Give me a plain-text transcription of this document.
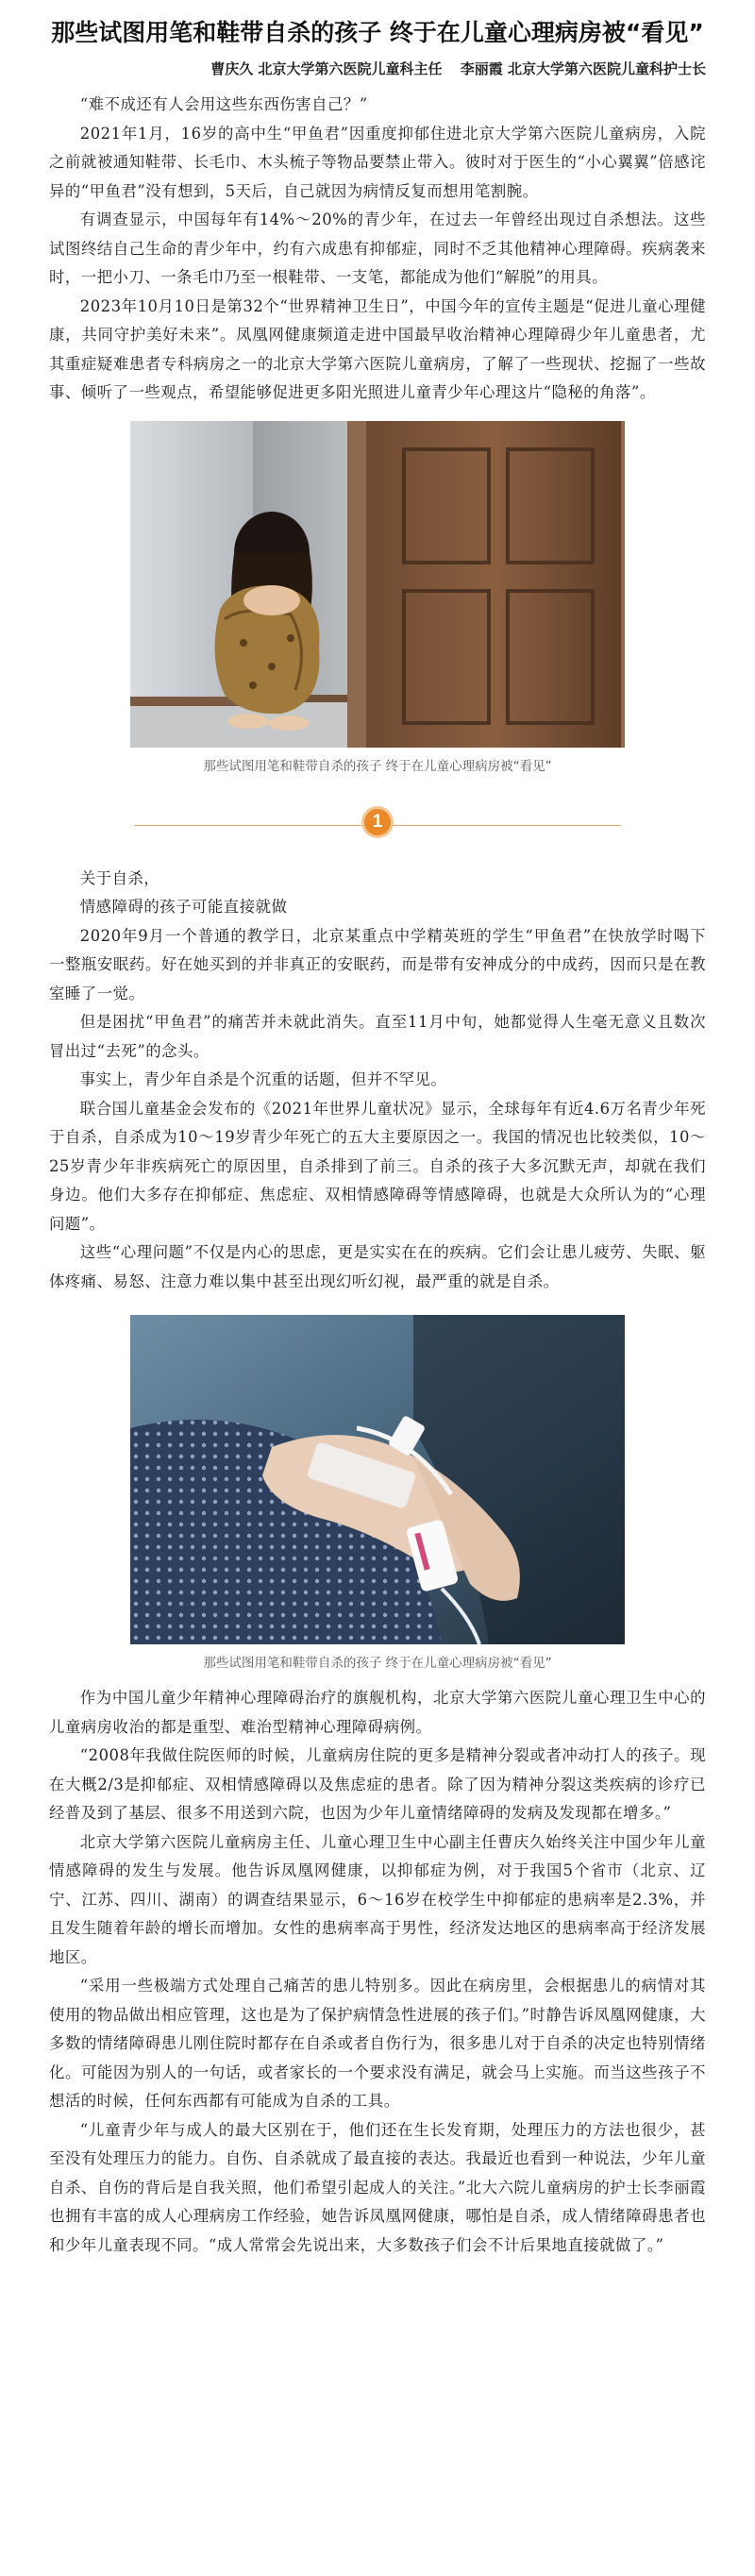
那些试图用笔和鞋带自杀的孩子 终于在儿童心理病房被“看见”
曹庆久 北京大学第六医院儿童科主任 李丽霞 北京大学第六医院儿童科护士长

“难不成还有人会用这些东西伤害自己？”

2021年1月，16岁的高中生“甲鱼君”因重度抑郁住进北京大学第六医院儿童病房，入院之前就被通知鞋带、长毛巾、木头梳子等物品要禁止带入。彼时对于医生的“小心翼翼”倍感诧异的“甲鱼君”没有想到，5天后，自己就因为病情反复而想用笔割腕。

有调查显示，中国每年有14%～20%的青少年，在过去一年曾经出现过自杀想法。这些试图终结自己生命的青少年中，约有六成患有抑郁症，同时不乏其他精神心理障碍。疾病袭来时，一把小刀、一条毛巾乃至一根鞋带、一支笔，都能成为他们“解脱”的用具。

2023年10月10日是第32个“世界精神卫生日”，中国今年的宣传主题是“促进儿童心理健康，共同守护美好未来”。凤凰网健康频道走进中国最早收治精神心理障碍少年儿童患者，尤其重症疑难患者专科病房之一的北京大学第六医院儿童病房，了解了一些现状、挖掘了一些故事、倾听了一些观点，希望能够促进更多阳光照进儿童青少年心理这片“隐秘的角落”。

那些试图用笔和鞋带自杀的孩子 终于在儿童心理病房被“看见”
1

关于自杀，

情感障碍的孩子可能直接就做

2020年9月一个普通的教学日，北京某重点中学精英班的学生“甲鱼君”在快放学时喝下一整瓶安眠药。好在她买到的并非真正的安眠药，而是带有安神成分的中成药，因而只是在教室睡了一觉。

但是困扰“甲鱼君”的痛苦并未就此消失。直至11月中旬，她都觉得人生毫无意义且数次冒出过“去死”的念头。

事实上，青少年自杀是个沉重的话题，但并不罕见。

联合国儿童基金会发布的《2021年世界儿童状况》显示，全球每年有近4.6万名青少年死于自杀，自杀成为10～19岁青少年死亡的五大主要原因之一。我国的情况也比较类似，10～25岁青少年非疾病死亡的原因里，自杀排到了前三。自杀的孩子大多沉默无声，却就在我们身边。他们大多存在抑郁症、焦虑症、双相情感障碍等情感障碍，也就是大众所认为的“心理问题”。

这些“心理问题”不仅是内心的思虑，更是实实在在的疾病。它们会让患儿疲劳、失眠、躯体疼痛、易怒、注意力难以集中甚至出现幻听幻视，最严重的就是自杀。

那些试图用笔和鞋带自杀的孩子 终于在儿童心理病房被“看见”

作为中国儿童少年精神心理障碍治疗的旗舰机构，北京大学第六医院儿童心理卫生中心的儿童病房收治的都是重型、难治型精神心理障碍病例。

“2008年我做住院医师的时候，儿童病房住院的更多是精神分裂或者冲动打人的孩子。现在大概2/3是抑郁症、双相情感障碍以及焦虑症的患者。除了因为精神分裂这类疾病的诊疗已经普及到了基层、很多不用送到六院，也因为少年儿童情绪障碍的发病及发现都在增多。”

北京大学第六医院儿童病房主任、儿童心理卫生中心副主任曹庆久始终关注中国少年儿童情感障碍的发生与发展。他告诉凤凰网健康，以抑郁症为例，对于我国5个省市（北京、辽宁、江苏、四川、湖南）的调查结果显示，6～16岁在校学生中抑郁症的患病率是2.3%，并且发生随着年龄的增长而增加。女性的患病率高于男性，经济发达地区的患病率高于经济发展地区。

“采用一些极端方式处理自己痛苦的患儿特别多。因此在病房里，会根据患儿的病情对其使用的物品做出相应管理，这也是为了保护病情急性进展的孩子们。”时静告诉凤凰网健康，大多数的情绪障碍患儿刚住院时都存在自杀或者自伤行为，很多患儿对于自杀的决定也特别情绪化。可能因为别人的一句话，或者家长的一个要求没有满足，就会马上实施。而当这些孩子不想活的时候，任何东西都有可能成为自杀的工具。

“儿童青少年与成人的最大区别在于，他们还在生长发育期，处理压力的方法也很少，甚至没有处理压力的能力。自伤、自杀就成了最直接的表达。我最近也看到一种说法，少年儿童自杀、自伤的背后是自我关照，他们希望引起成人的关注。”北大六院儿童病房的护士长李丽霞也拥有丰富的成人心理病房工作经验，她告诉凤凰网健康，哪怕是自杀，成人情绪障碍患者也和少年儿童表现不同。“成人常常会先说出来，大多数孩子们会不计后果地直接就做了。”
